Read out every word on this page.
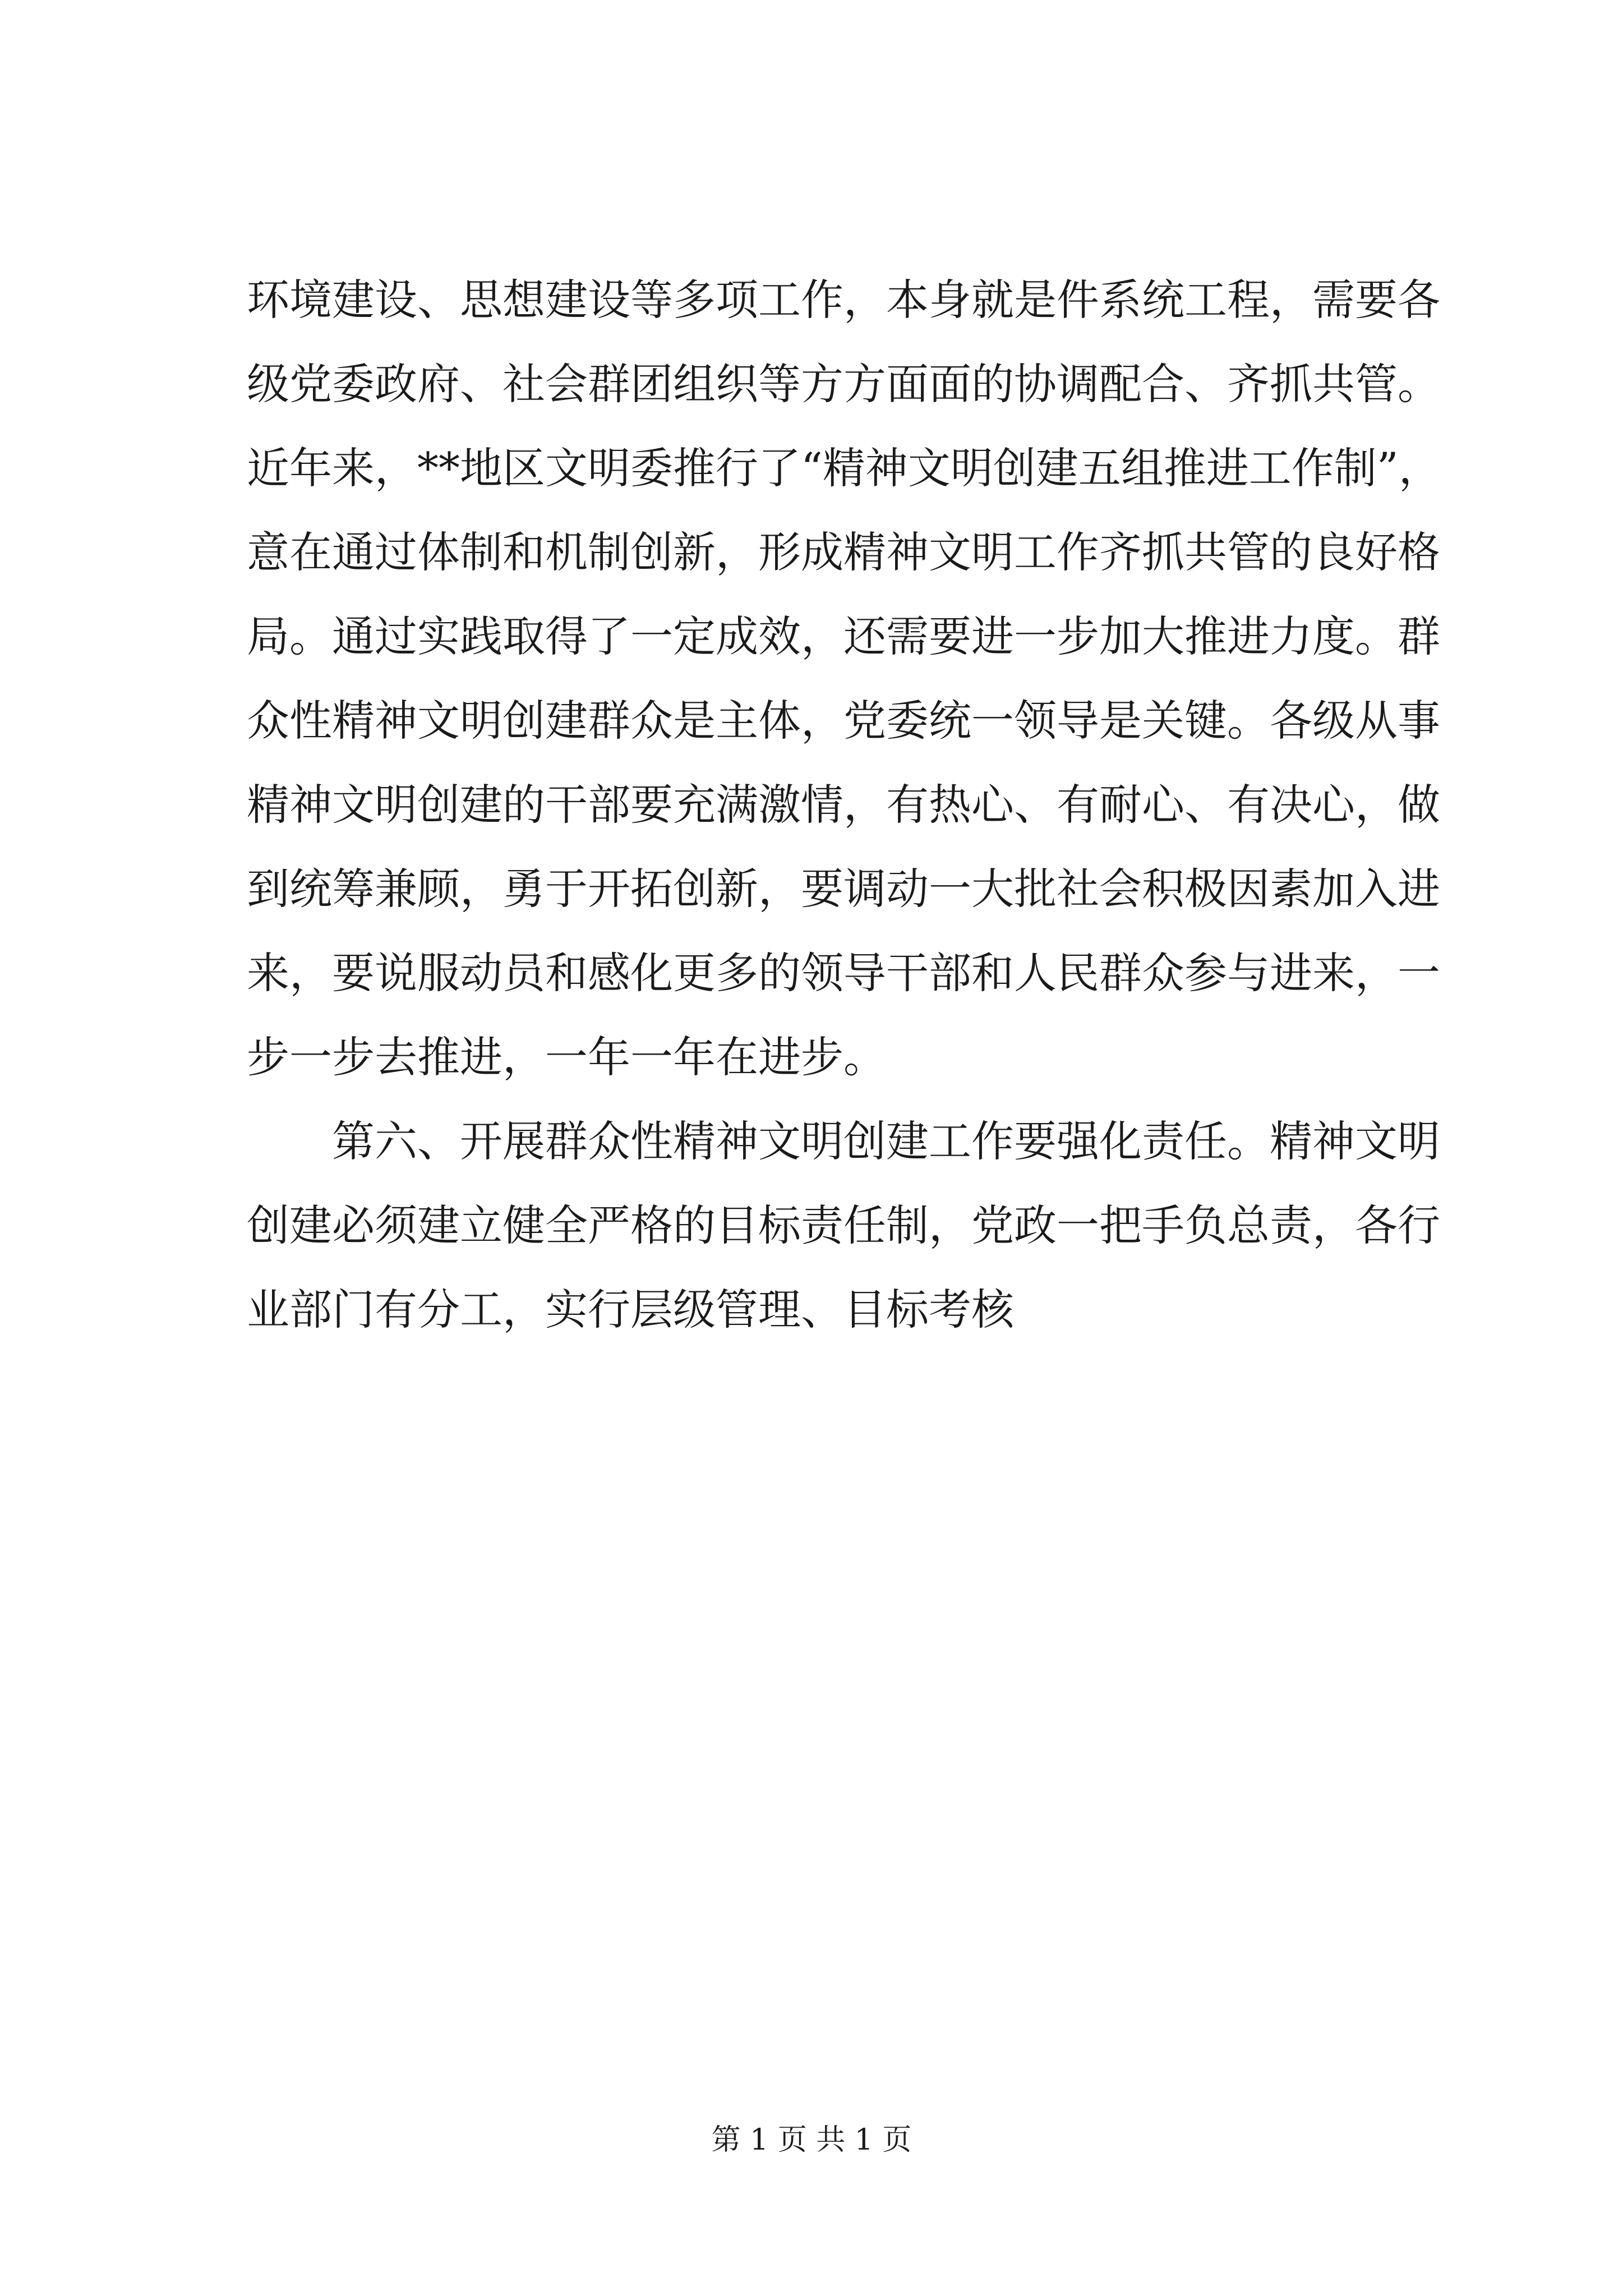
环境建设、思想建设等多项工作，本身就是件系统工程，需要各
级党委政府、社会群团组织等方方面面的协调配合、齐抓共管。
近年来，**地区文明委推行了“精神文明创建五组推进工作制”，
意在通过体制和机制创新，形成精神文明工作齐抓共管的良好格
局。通过实践取得了一定成效，还需要进一步加大推进力度。群
众性精神文明创建群众是主体，党委统一领导是关键。各级从事
精神文明创建的干部要充满激情，有热心、有耐心、有决心，做
到统筹兼顾，勇于开拓创新，要调动一大批社会积极因素加入进
来，要说服动员和感化更多的领导干部和人民群众参与进来，一
步一步去推进，一年一年在进步。
第六、开展群众性精神文明创建工作要强化责任。精神文明
创建必须建立健全严格的目标责任制，党政一把手负总责，各行
业部门有分工，实行层级管理、目标考核
第 1 页 共 1 页
